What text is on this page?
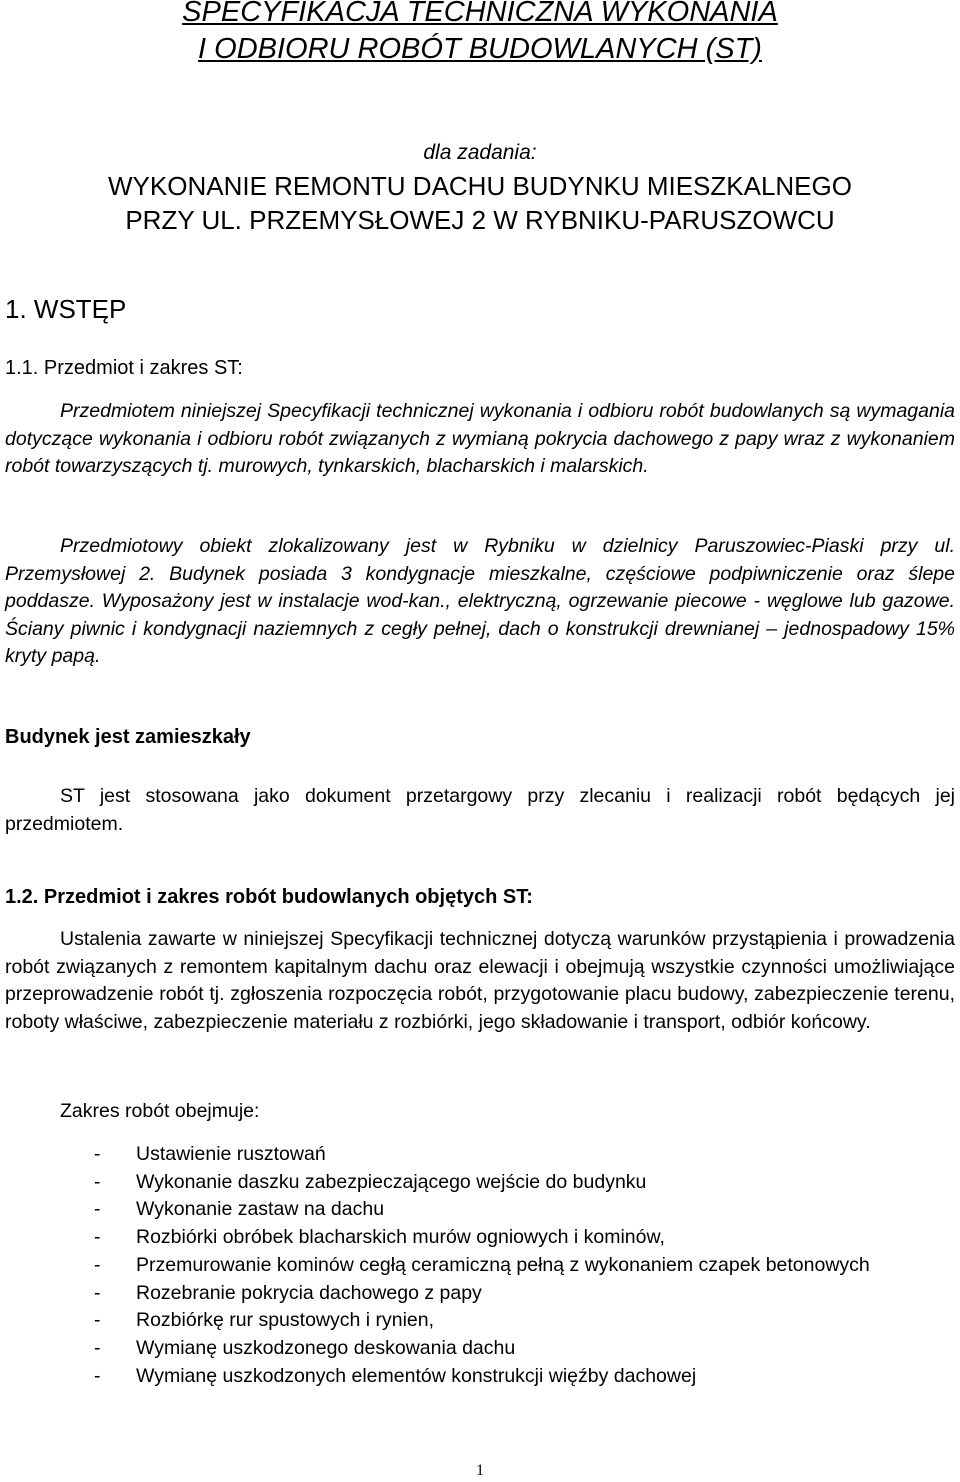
SPECYFIKACJA TECHNICZNA WYKONANIA
I ODBIORU ROBÓT BUDOWLANYCH (ST)
dla zadania:
WYKONANIE REMONTU DACHU BUDYNKU MIESZKALNEGO
PRZY UL. PRZEMYSŁOWEJ 2 W RYBNIKU-PARUSZOWCU
1. WSTĘP
1.1. Przedmiot i zakres ST:

Przedmiotem niniejszej Specyfikacji technicznej wykonania i odbioru robót budowlanych są wymagania dotyczące wykonania i odbioru robót związanych z wymianą pokrycia dachowego z papy wraz z wykonaniem robót towarzyszących tj. murowych, tynkarskich, blacharskich i malarskich.

Przedmiotowy obiekt zlokalizowany jest w Rybniku w dzielnicy Paruszowiec-Piaski przy ul. Przemysłowej 2. Budynek posiada 3 kondygnacje mieszkalne, częściowe podpiwniczenie oraz ślepe poddasze. Wyposażony jest w instalacje wod-kan., elektryczną, ogrzewanie piecowe - węglowe lub gazowe. Ściany piwnic i kondygnacji naziemnych z cegły pełnej, dach o konstrukcji drewnianej – jednospadowy 15% kryty papą.

Budynek jest zamieszkały

ST jest stosowana jako dokument przetargowy przy zlecaniu i realizacji robót będących jej przedmiotem.

1.2. Przedmiot i zakres robót budowlanych objętych ST:

Ustalenia zawarte w niniejszej Specyfikacji technicznej dotyczą warunków przystąpienia i prowadzenia robót związanych z remontem kapitalnym dachu oraz elewacji i obejmują wszystkie czynności umożliwiające przeprowadzenie robót tj. zgłoszenia rozpoczęcia robót, przygotowanie placu budowy, zabezpieczenie terenu, roboty właściwe, zabezpieczenie materiału z rozbiórki, jego składowanie i transport, odbiór końcowy.

Zakres robót obejmuje:
- Ustawienie rusztowań
- Wykonanie daszku zabezpieczającego wejście do budynku
- Wykonanie zastaw na dachu
- Rozbiórki obróbek blacharskich murów ogniowych i kominów,
- Przemurowanie kominów cegłą ceramiczną pełną z wykonaniem czapek betonowych
- Rozebranie pokrycia dachowego z papy
- Rozbiórkę rur spustowych i rynien,
- Wymianę uszkodzonego deskowania dachu
- Wymianę uszkodzonych elementów konstrukcji więźby dachowej
1
